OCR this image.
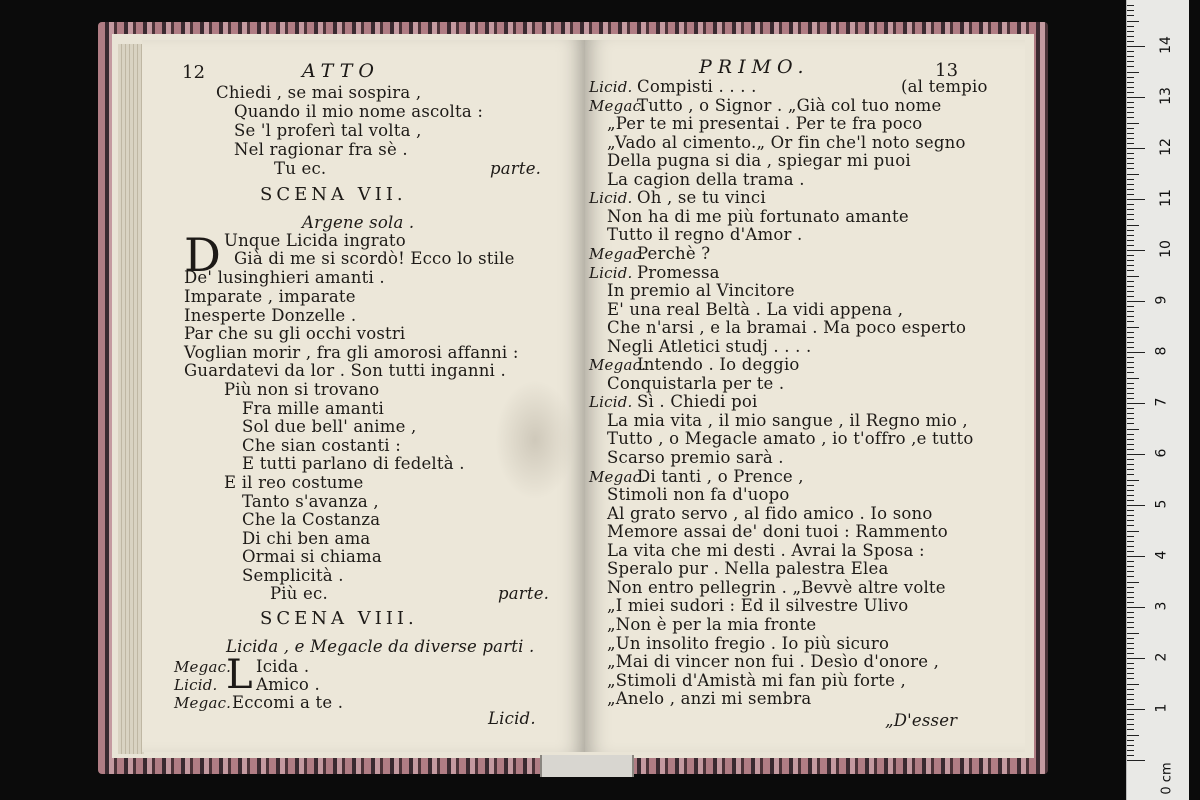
12	ATTO
Chiedi , se mai sospira ,
Quando il mio nome ascolta :
Se 'l proferì tal volta ,
Nel ragionar fra sè .
Tu ec.	parte.
SCENA VII.
Argene sola .
D Unque Licida ingrato
Già di me si scordò! Ecco lo stile
De' lusinghieri amanti .
Imparate , imparate
Inesperte Donzelle .
Par che su gli occhi vostri
Voglian morir , fra gli amorosi affanni :
Guardatevi da lor . Son tutti inganni .
Più non si trovano
Fra mille amanti
Sol due bell' anime ,
Che sian costanti :
E tutti parlano di fedeltà .
E il reo costume
Tanto s'avanza ,
Che la Costanza
Di chi ben ama
Ormai si chiama
Semplicità .
Più ec.	parte.
SCENA VIII.
Licida , e Megacle da diverse parti .
Megac.
Licid.
Megac.
L Icida .
Amico .
Eccomi a te .
Licid.
PRIMO.	13
(al tempio
Licid. Compisti . . . .
Megac.
Tutto , o Signor . „Già col tuo nome
„Per te mi presentai . Per te fra poco
„Vado al cimento.„ Or fin che'l noto segno
Della pugna si dia , spiegar mi puoi
La cagion della trama .
Licid. Oh , se tu vinci
Non ha di me più fortunato amante
Tutto il regno d'Amor .
Megac.
Perchè ?
Licid. Promessa
In premio al Vincitore
E' una real Beltà . La vidi appena ,
Che n'arsi , e la bramai . Ma poco esperto
Negli Atletici studj . . . .
Megac.
Intendo . Io deggio
Conquistarla per te .
Licid. Sì . Chiedi poi
La mia vita , il mio sangue , il Regno mio ,
Tutto , o Megacle amato , io t'offro ,e tutto
Scarso premio sarà .
Megac.
Di tanti , o Prence ,
Stimoli non fa d'uopo
Al grato servo , al fido amico . Io sono
Memore assai de' doni tuoi : Rammento
La vita che mi desti . Avrai la Sposa :
Speralo pur . Nella palestra Elea
Non entro pellegrin . „Bevvè altre volte
„I miei sudori : Ed il silvestre Ulivo
„Non è per la mia fronte
„Un insolito fregio . Io più sicuro
„Mai di vincer non fui . Desìo d'onore ,
„Stimoli d'Amistà mi fan più forte ,
„Anelo , anzi mi sembra
„D'esser
1
2
3
4
5
6
7
8
9
10
11
12
13
14
0 cm
